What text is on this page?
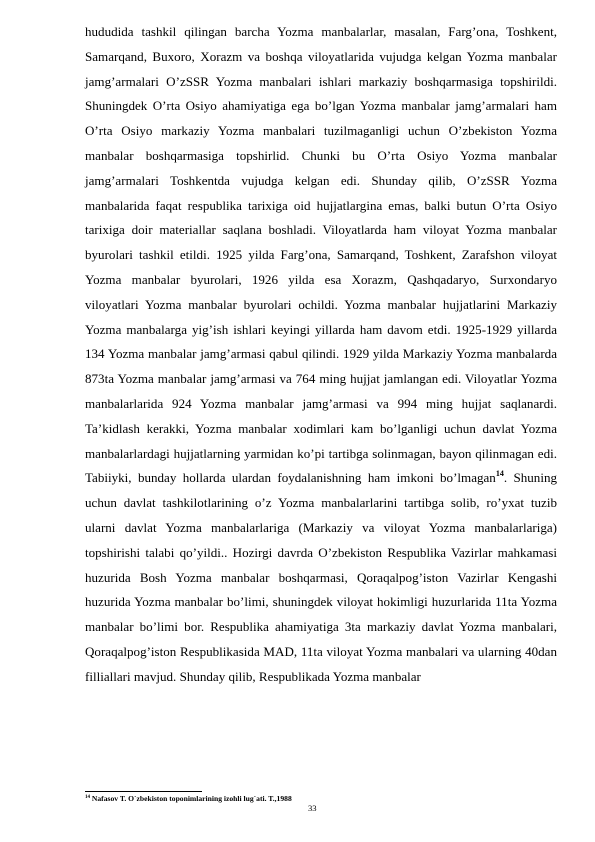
hududida tashkil qilingan barcha Yozma manbalarlar, masalan, Farg’ona, Toshkent, Samarqand, Buxoro, Xorazm va boshqa viloyatlarida vujudga kelgan Yozma manbalar jamg’armalari O’zSSR Yozma manbalari ishlari markaziy boshqarmasiga topshirildi. Shuningdek O’rta Osiyo ahamiyatiga ega bo’lgan Yozma manbalar jamg’armalari ham O’rta Osiyo markaziy Yozma manbalari tuzilmaganligi uchun O’zbekiston Yozma manbalar boshqarmasiga topshirlid. Chunki bu O’rta Osiyo Yozma manbalar jamg’armalari Toshkentda vujudga kelgan edi. Shunday qilib, O’zSSR Yozma manbalarida faqat respublika tarixiga oid hujjatlargina emas, balki butun O’rta Osiyo tarixiga doir materiallar saqlana boshladi. Viloyatlarda ham viloyat Yozma manbalar byurolari tashkil etildi. 1925 yilda Farg’ona, Samarqand, Toshkent, Zarafshon viloyat Yozma manbalar byurolari, 1926 yilda esa Xorazm, Qashqadaryo, Surxondaryo viloyatlari Yozma manbalar byurolari ochildi. Yozma manbalar hujjatlarini Markaziy Yozma manbalarga yig’ish ishlari keyingi yillarda ham davom etdi. 1925-1929 yillarda 134 Yozma manbalar jamg’armasi qabul qilindi. 1929 yilda Markaziy Yozma manbalarda 873ta Yozma manbalar jamg’armasi va 764 ming hujjat jamlangan edi. Viloyatlar Yozma manbalarlarida 924 Yozma manbalar jamg’armasi va 994 ming hujjat saqlanardi. Ta’kidlash kerakki, Yozma manbalar xodimlari kam bo’lganligi uchun davlat Yozma manbalarlardagi hujjatlarning yarmidan ko’pi tartibga solinmagan, bayon qilinmagan edi. Tabiiyki, bunday hollarda ulardan foydalanishning ham imkoni bo’lmagan$^{14}$. Shuning uchun davlat tashkilotlarining o’z Yozma manbalarlarini tartibga solib, ro’yxat tuzib ularni davlat Yozma manbalarlariga (Markaziy va viloyat Yozma manbalarlariga) topshirishi talabi qo’yildi.. Hozirgi davrda O’zbekiston Respublika Vazirlar mahkamasi huzurida Bosh Yozma manbalar boshqarmasi, Qoraqalpog’iston Vazirlar Kengashi huzurida Yozma manbalar bo’limi, shuningdek viloyat hokimligi huzurlarida 11ta Yozma manbalar bo’limi bor. Respublika ahamiyatiga 3ta markaziy davlat Yozma manbalari, Qoraqalpog’iston Respublikasida MAD, 11ta viloyat Yozma manbalari va ularning 40dan filliallari mavjud. Shunday qilib, Respublikada Yozma manbalar

$^{14}$ Nafasov T. O`zbekiston toponimlarining izohli lug`ati. T.,1988
33
